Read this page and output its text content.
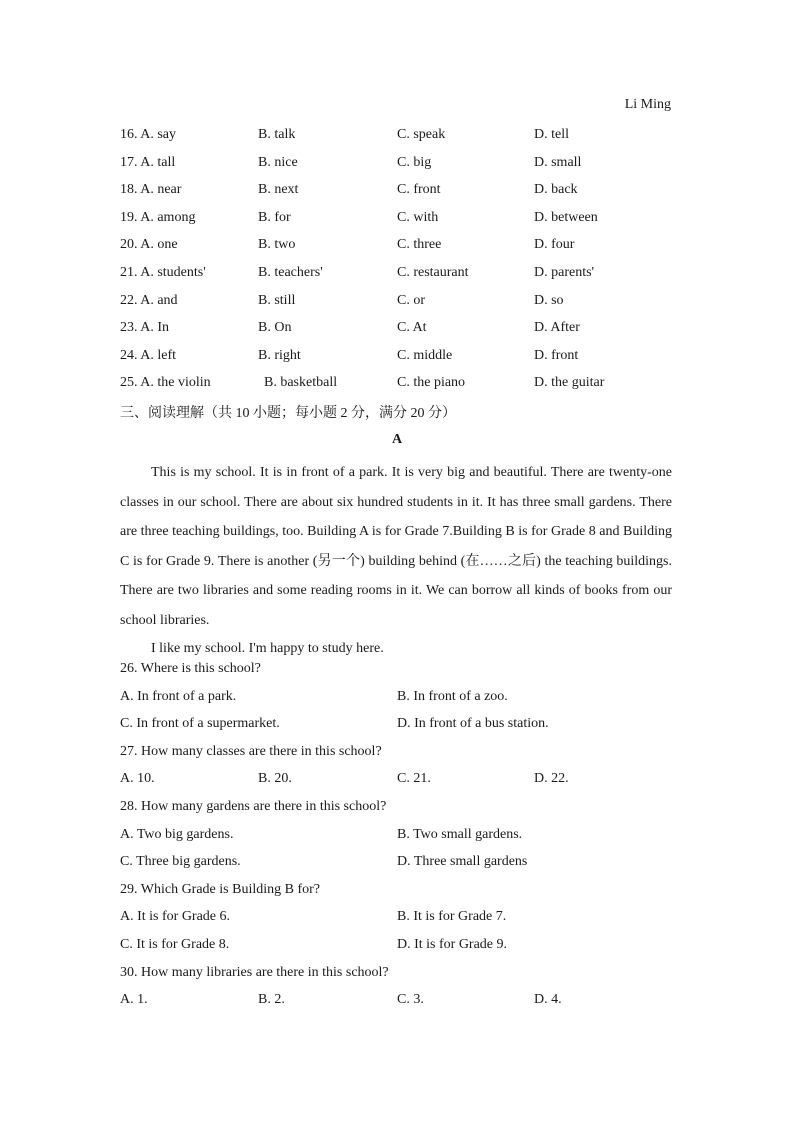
Li Ming
16. A. say	B. talk	C. speak	D. tell
17. A. tall	B. nice	C. big	D. small
18. A. near	B. next	C. front	D. back
19. A. among	B. for	C. with	D. between
20. A. one	B. two	C. three	D. four
21. A. students'	B. teachers'	C. restaurant	D. parents'
22. A. and	B. still	C. or	D. so
23. A. In	B. On	C. At	D. After
24. A. left	B. right	C. middle	D. front
25. A. the violin	B. basketball	C. the piano	D. the guitar
三、阅读理解（共 10 小题；每小题 2 分，满分 20 分）
A

This is my school. It is in front of a park. It is very big and beautiful. There are twenty-one classes in our school. There are about six hundred students in it. It has three small gardens. There are three teaching buildings, too. Building A is for Grade 7.Building B is for Grade 8 and Building C is for Grade 9. There is another (另一个) building behind (在……之后) the teaching buildings. There are two libraries and some reading rooms in it. We can borrow all kinds of books from our school libraries.

I like my school. I'm happy to study here.

26. Where is this school?
A. In front of a park.	B. In front of a zoo.
C. In front of a supermarket.	D. In front of a bus station.
27. How many classes are there in this school?
A. 10.	B. 20.	C. 21.	D. 22.
28. How many gardens are there in this school?
A. Two big gardens.	B. Two small gardens.
C. Three big gardens.	D. Three small gardens
29. Which Grade is Building B for?
A. It is for Grade 6.	B. It is for Grade 7.
C. It is for Grade 8.	D. It is for Grade 9.
30. How many libraries are there in this school?
A. 1.	B. 2.	C. 3.	D. 4.
